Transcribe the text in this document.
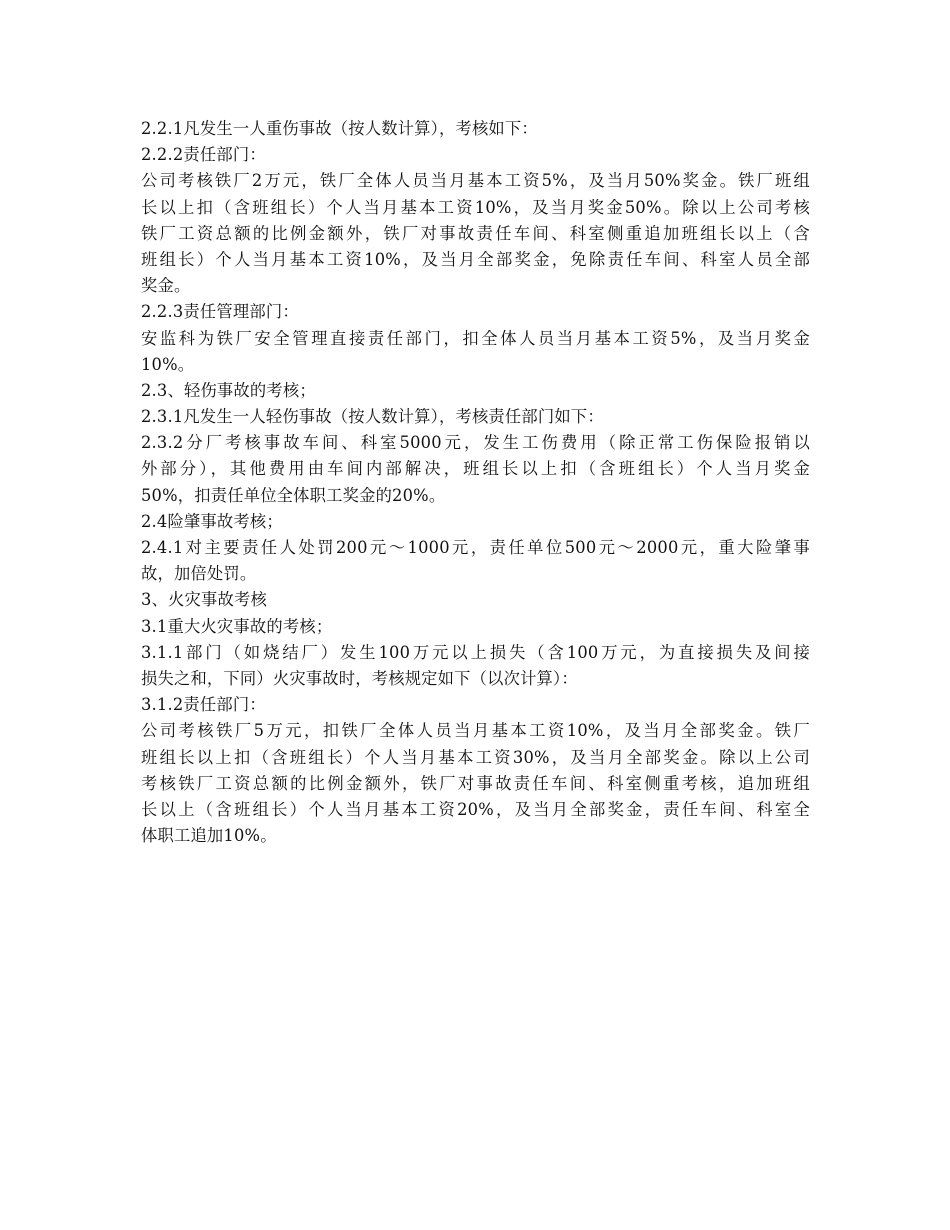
2.2.1凡发生一人重伤事故（按人数计算），考核如下：
2.2.2责任部门：
公司考核铁厂2万元，铁厂全体人员当月基本工资5%，及当月50%奖金。铁厂班组
长以上扣（含班组长）个人当月基本工资10%，及当月奖金50%。除以上公司考核
铁厂工资总额的比例金额外，铁厂对事故责任车间、科室侧重追加班组长以上（含
班组长）个人当月基本工资10%，及当月全部奖金，免除责任车间、科室人员全部
奖金。
2.2.3责任管理部门：
安监科为铁厂安全管理直接责任部门，扣全体人员当月基本工资5%，及当月奖金
10%。
2.3、轻伤事故的考核；
2.3.1凡发生一人轻伤事故（按人数计算），考核责任部门如下：
2.3.2分厂考核事故车间、科室5000元，发生工伤费用（除正常工伤保险报销以
外部分），其他费用由车间内部解决，班组长以上扣（含班组长）个人当月奖金
50%，扣责任单位全体职工奖金的20%。
2.4险肇事故考核；
2.4.1对主要责任人处罚200元～1000元，责任单位500元～2000元，重大险肇事
故，加倍处罚。
3、火灾事故考核
3.1重大火灾事故的考核；
3.1.1部门（如烧结厂）发生100万元以上损失（含100万元，为直接损失及间接
损失之和，下同）火灾事故时，考核规定如下（以次计算）：
3.1.2责任部门：
公司考核铁厂5万元，扣铁厂全体人员当月基本工资10%，及当月全部奖金。铁厂
班组长以上扣（含班组长）个人当月基本工资30%，及当月全部奖金。除以上公司
考核铁厂工资总额的比例金额外，铁厂对事故责任车间、科室侧重考核，追加班组
长以上（含班组长）个人当月基本工资20%，及当月全部奖金，责任车间、科室全
体职工追加10%。
